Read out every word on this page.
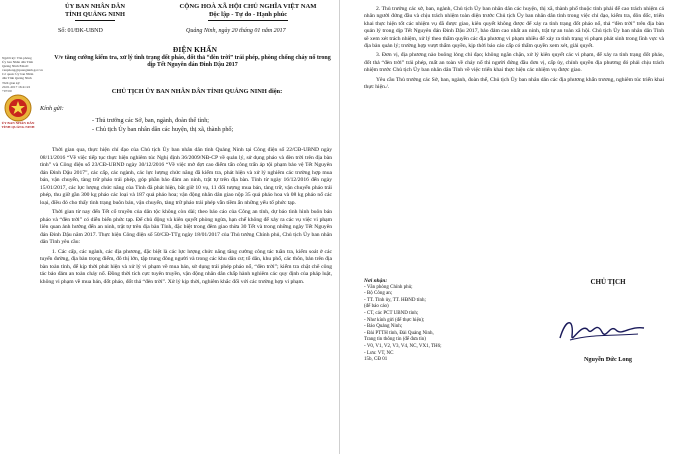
ỦY BAN NHÂN DÂN
TỈNH QUẢNG NINH
CỘNG HOÀ XÃ HỘI CHỦ NGHĨA VIỆT NAM
Độc lập - Tự do - Hạnh phúc
Số: 01/ĐK-UBND	Quảng Ninh, ngày 20 tháng 01 năm 2017
ĐIỆN KHẨN
V/v tăng cường kiểm tra, xử lý tình trạng đốt pháo, đốt thả “đèn trời” trái phép, phòng chống cháy nổ trong dịp Tết Nguyên đán Đinh Dậu 2017
CHỦ TỊCH ỦY BAN NHÂN DÂN TỈNH QUẢNG NINH điện:
Kính gửi:
- Thủ trưởng các Sở, ban, ngành, đoàn thể tỉnh;
- Chủ tịch Ủy ban nhân dân các huyện, thị xã, thành phố;
Người ký: Văn phòng Ủy ban Nhân dân Tỉnh Quảng Ninh Email: vanphong@quangninh.gov.vn Cơ quan: Ủy ban Nhân dân Tỉnh Quảng Ninh Thời gian ký: 20.01.2017 16:41:22 +07:00
ỦY BAN NHÂN DÂN TỈNH QUẢNG NINH

Thời gian qua, thực hiện chỉ đạo của Chủ tịch Ủy ban nhân dân tỉnh Quảng Ninh tại Công điện số 22/CĐ-UBND ngày 08/11/2016 “Về việc tiếp tục thực hiện nghiêm túc Nghị định 36/2009/NĐ-CP về quản lý, sử dụng pháo và đèn trời trên địa bàn tỉnh” và Công điện số 23/CĐ-UBND ngày 30/12/2016 “Về việc mở đợt cao điểm tấn công trấn áp tội phạm bảo vệ Tết Nguyên đán Đinh Dậu 2017”, các cấp, các ngành, các lực lượng chức năng đã kiểm tra, phát hiện và xử lý nghiêm các trường hợp mua bán, vận chuyển, tàng trữ pháo trái phép, góp phần bảo đảm an ninh, trật tự trên địa bàn. Tính từ ngày 16/12/2016 đến ngày 15/01/2017, các lực lượng chức năng của Tỉnh đã phát hiện, bắt giữ 10 vụ, 11 đối tượng mua bán, tàng trữ, vận chuyển pháo trái phép, thu giữ gần 300 kg pháo các loại và 187 quả pháo hoa; vận động nhân dân giao nộp 35 quả pháo hoa và 08 kg pháo nổ các loại, điều đó cho thấy tình trạng buôn bán, vận chuyển, tàng trữ pháo trái phép vẫn tiềm ẩn những yếu tố phức tạp.

Thời gian từ nay đến Tết cổ truyền của dân tộc không còn dài; theo báo cáo của Công an tỉnh, dự báo tình hình buôn bán pháo và “đèn trời” có diễn biến phức tạp. Để chủ động và kiên quyết phòng ngừa, hạn chế không để xảy ra các vụ việc vi phạm liên quan ảnh hưởng đến an ninh, trật tự trên địa bàn Tỉnh, đặc biệt trong đêm giao thừa 30 Tết và trong những ngày Tết Nguyên đán Đinh Dậu năm 2017. Thực hiện Công điện số 50/CĐ-TTg ngày 18/01/2017 của Thủ tướng Chính phủ, Chủ tịch Ủy ban nhân dân Tỉnh yêu cầu:

1. Các cấp, các ngành, các địa phương, đặc biệt là các lực lượng chức năng tăng cường công tác tuần tra, kiểm soát ở các tuyến đường, địa bàn trọng điểm, đô thị lớn, tập trung đông người và trong các khu dân cư; tổ dân, khu phố, các thôn, bản trên địa bàn toàn tỉnh, để kịp thời phát hiện và xử lý vi phạm về mua bán, sử dụng trái phép pháo nổ, “đèn trời”; kiểm tra chặt chẽ công tác bảo đảm an toàn cháy nổ. Đồng thời tích cực tuyên truyền, vận động nhân dân chấp hành nghiêm các quy định của pháp luật, không vi phạm về mua bán, đốt pháo, đốt thả “đèn trời”. Xử lý kịp thời, nghiêm khắc đối với các trường hợp vi phạm.

2. Thủ trưởng các sở, ban, ngành, Chủ tịch Ủy ban nhân dân các huyện, thị xã, thành phố thuộc tỉnh phải để cao trách nhiệm cá nhân người đứng đầu và chịu trách nhiệm toàn diện trước Chủ tịch Ủy ban nhân dân tỉnh trong việc chỉ đạo, kiểm tra, đôn đốc, triển khai thực hiện tốt các nhiệm vụ đã được giao, kiên quyết không được để xảy ra tình trạng đốt pháo nổ, thả “đèn trời” trên địa bàn quản lý trong dịp Tết Nguyên đán Đinh Dậu 2017, bảo đảm cao nhất an ninh, trật tự an toàn xã hội. Chủ tịch Ủy ban nhân dân Tỉnh sẽ xem xét trách nhiệm, xử lý theo thẩm quyền các địa phương vi phạm nhiều để xảy ra tình trạng vi phạm phát sinh trong lĩnh vực và địa bàn quản lý; trường hợp vượt thẩm quyền, kịp thời báo cáo cấp có thẩm quyền xem xét, giải quyết.

3. Đơn vị, địa phương nào buông lỏng chỉ đạo; không ngăn chặn, xử lý kiên quyết các vi phạm, để xảy ra tình trạng đốt pháo, đốt thả “đèn trời” trái phép, mất an toàn về cháy nổ thì người đứng đầu đơn vị, cấp ủy, chính quyền địa phương đó phải chịu trách nhiệm trước Chủ tịch Ủy ban nhân dân Tỉnh về việc triển khai thực hiện các nhiệm vụ được giao.

Yêu cầu Thủ trưởng các Sở, ban, ngành, đoàn thể, Chủ tịch Ủy ban nhân dân các địa phương khẩn trương, nghiêm túc triển khai thực hiện./.

Nơi nhận:
- Văn phòng Chính phủ;
- Bộ Công an;
- TT. Tỉnh ủy, TT. HĐND tỉnh;
(để báo cáo)
- CT, các PCT UBND tỉnh;
- Như kính gửi (để thực hiện);
- Báo Quảng Ninh;
- Đài PTTH tỉnh, Đài Quảng Ninh,
Trang tin thông tin (để đưa tin)
- V0, V1, V2, V3, V4, NC, VX1, TH6;
- Lưu: VT, NC
15b, CĐ 01
CHỦ TỊCH
Nguyễn Đức Long
